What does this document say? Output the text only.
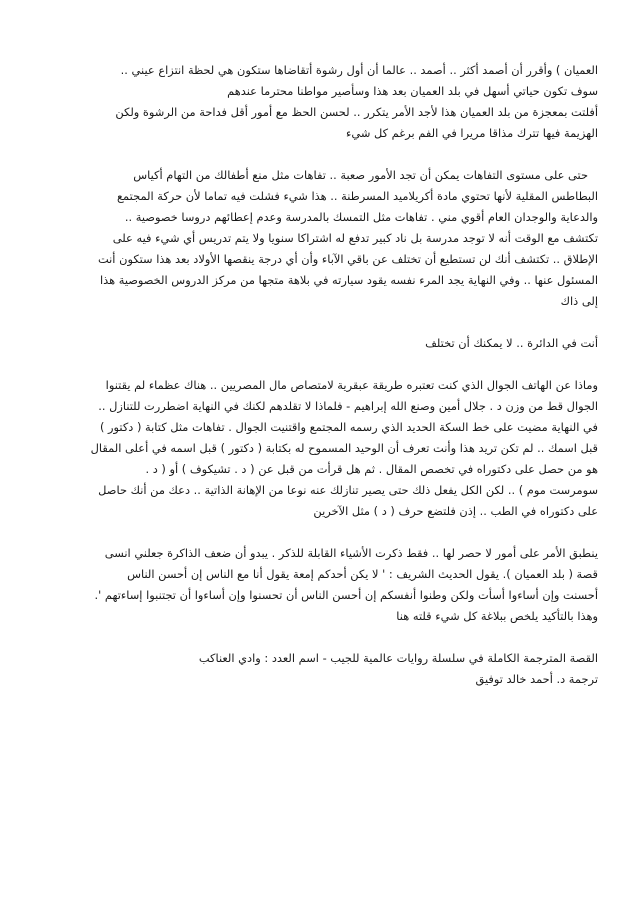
العميان ) وأقرر أن أصمد أكثر .. أصمد .. عالما أن أول رشوة أتقاضاها ستكون هي لحظة انتزاع عيني ..
سوف تكون حياتي أسهل في بلد العميان بعد هذا وسأصير مواطنا محترما عندهم
أفلتت بمعجزة من بلد العميان هذا لأجد الأمر يتكرر .. لحسن الحظ مع أمور أقل فداحة من الرشوة ولكن
الهزيمة فيها تترك مذاقا مريرا في الفم برغم كل شيء
حتى على مستوى التفاهات يمكن أن تجد الأمور صعبة .. تفاهات مثل منع أطفالك من التهام أكياس
البطاطس المقلية لأنها تحتوي مادة أكريلاميد المسرطنة .. هذا شيء فشلت فيه تماما لأن حركة المجتمع
والدعاية والوجدان العام أقوي مني . تفاهات مثل التمسك بالمدرسة وعدم إعطائهم دروسا خصوصية ..
تكتشف مع الوقت أنه لا توجد مدرسة بل ناد كبير تدفع له اشتراكا سنويا ولا يتم تدريس أي شيء فيه على
الإطلاق .. تكتشف أنك لن تستطيع أن تختلف عن باقي الآباء وأن أي درجة ينقصها الأولاد بعد هذا ستكون أنت
المسئول عنها .. وفي النهاية يجد المرء نفسه يقود سيارته في بلاهة متجها من مركز الدروس الخصوصية هذا
إلى ذاك
أنت في الدائرة .. لا يمكنك أن تختلف
وماذا عن الهاتف الجوال الذي كنت تعتبره طريقة عبقرية لامتصاص مال المصريين .. هناك عظماء لم يقتنوا
الجوال قط من وزن د . جلال أمين وصنع الله إبراهيم - فلماذا لا تقلدهم لكنك في النهاية اضطررت للتنازل ..
في النهاية مضيت على خط السكة الحديد الذي رسمه المجتمع واقتنيت الجوال . تفاهات مثل كتابة ( دكتور )
قبل اسمك .. لم تكن تريد هذا وأنت تعرف أن الوحيد المسموح له بكتابة ( دكتور ) قبل اسمه في أعلى المقال
هو من حصل على دكتوراه في تخصص المقال . ثم هل قرأت من قبل عن ( د . تشيكوف ) أو ( د .
سومرست موم ) .. لكن الكل يفعل ذلك حتى يصير تنازلك عنه نوعا من الإهانة الذاتية .. دعك من أنك حاصل
على دكتوراه في الطب .. إذن فلتضع حرف ( د ) مثل الآخرين
ينطبق الأمر على أمور لا حصر لها .. فقط ذكرت الأشياء القابلة للذكر . يبدو أن ضعف الذاكرة جعلني انسى
قصة ( بلد العميان ). يقول الحديث الشريف : ' لا يكن أحدكم إمعة يقول أنا مع الناس إن أحسن الناس
أحسنت وإن أساءوا أسأت ولكن وطنوا أنفسكم إن أحسن الناس أن تحسنوا وإن أساءوا أن تجتنبوا إساءتهم '.
وهذا بالتأكيد يلخص ببلاغة كل شيء قلته هنا
القصة المترجمة الكاملة في سلسلة روايات عالمية للجيب - اسم العدد : وادي العناكب
ترجمة د. أحمد خالد توفيق
